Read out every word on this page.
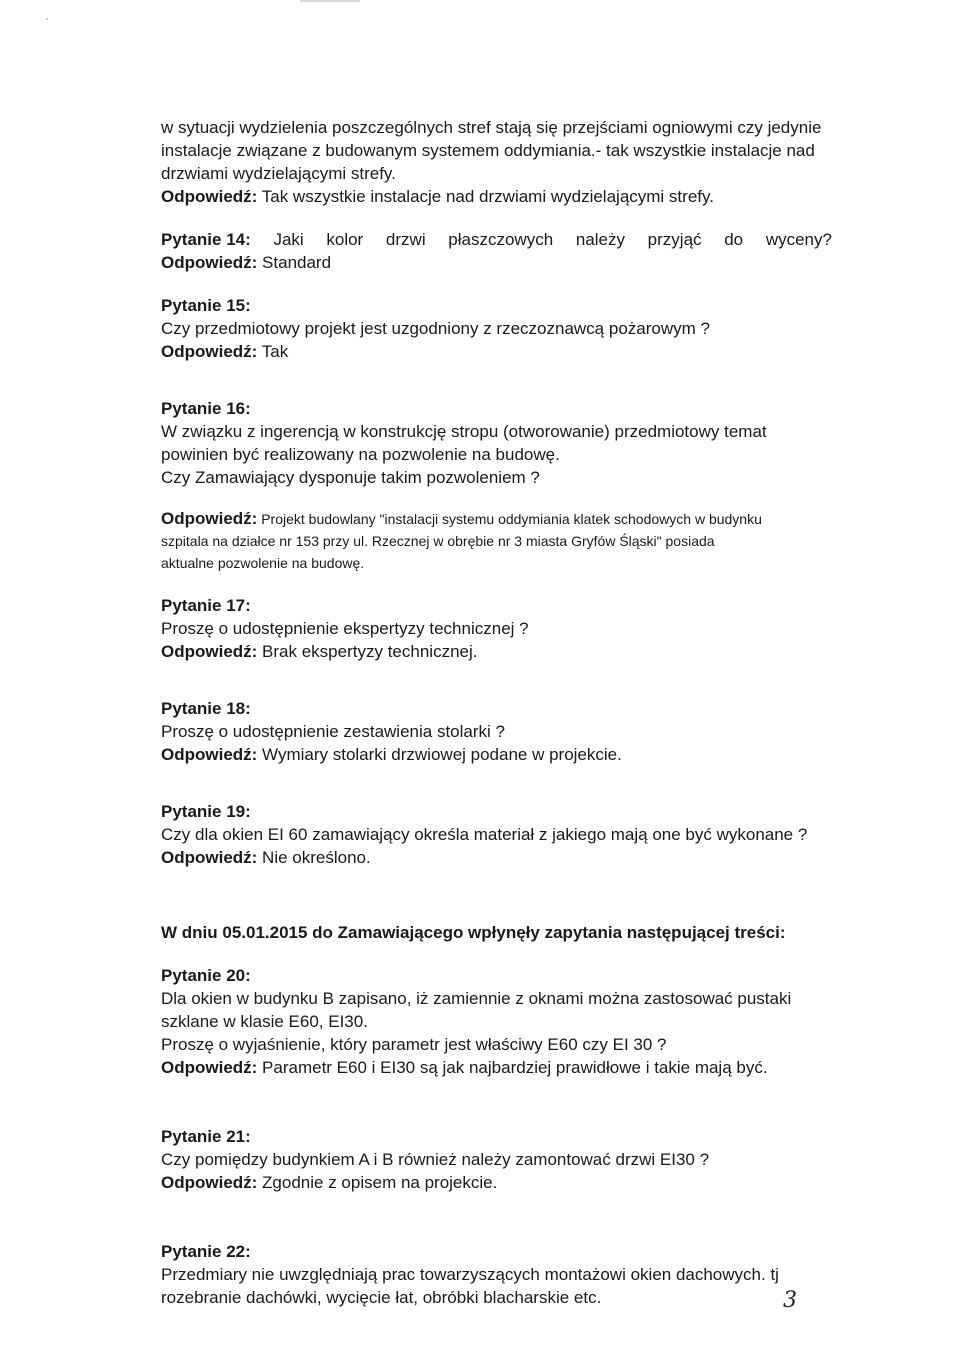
w sytuacji wydzielenia poszczególnych stref stają się przejściami ogniowymi czy jedynie
instalacje związane z budowanym systemem oddymiania.- tak wszystkie instalacje nad
drzwiami wydzielającymi strefy.
Odpowiedź: Tak wszystkie instalacje nad drzwiami wydzielającymi strefy.
Pytanie 14: Jaki kolor drzwi płaszczowych należy przyjąć do wyceny?
Odpowiedź: Standard
Pytanie 15:
Czy przedmiotowy projekt jest uzgodniony z rzeczoznawcą pożarowym ?
Odpowiedź: Tak
Pytanie 16:
W związku z ingerencją w konstrukcję stropu (otworowanie) przedmiotowy temat
powinien być realizowany na pozwolenie na budowę.
Czy Zamawiający dysponuje takim pozwoleniem ?
Odpowiedź: Projekt budowlany "instalacji systemu oddymiania klatek schodowych w budynku
szpitala na działce nr 153 przy ul. Rzecznej w obrębie nr 3 miasta Gryfów Śląski" posiada
aktualne pozwolenie na budowę.
Pytanie 17:
Proszę o udostępnienie ekspertyzy technicznej ?
Odpowiedź: Brak ekspertyzy technicznej.
Pytanie 18:
Proszę o udostępnienie zestawienia stolarki ?
Odpowiedź: Wymiary stolarki drzwiowej podane w projekcie.
Pytanie 19:
Czy dla okien EI 60 zamawiający określa materiał z jakiego mają one być wykonane ?
Odpowiedź: Nie określono.
W dniu 05.01.2015 do Zamawiającego wpłynęły zapytania następującej treści:
Pytanie 20:
Dla okien w budynku B zapisano, iż zamiennie z oknami można zastosować pustaki
szklane w klasie E60, EI30.
Proszę o wyjaśnienie, który parametr jest właściwy E60 czy EI 30 ?
Odpowiedź: Parametr E60 i EI30 są jak najbardziej prawidłowe i takie mają być.
Pytanie 21:
Czy pomiędzy budynkiem A i B również należy zamontować drzwi EI30 ?
Odpowiedź: Zgodnie z opisem na projekcie.
Pytanie 22:
Przedmiary nie uwzględniają prac towarzyszących montażowi okien dachowych. tj
rozebranie dachówki, wycięcie łat, obróbki blacharskie etc.	3
